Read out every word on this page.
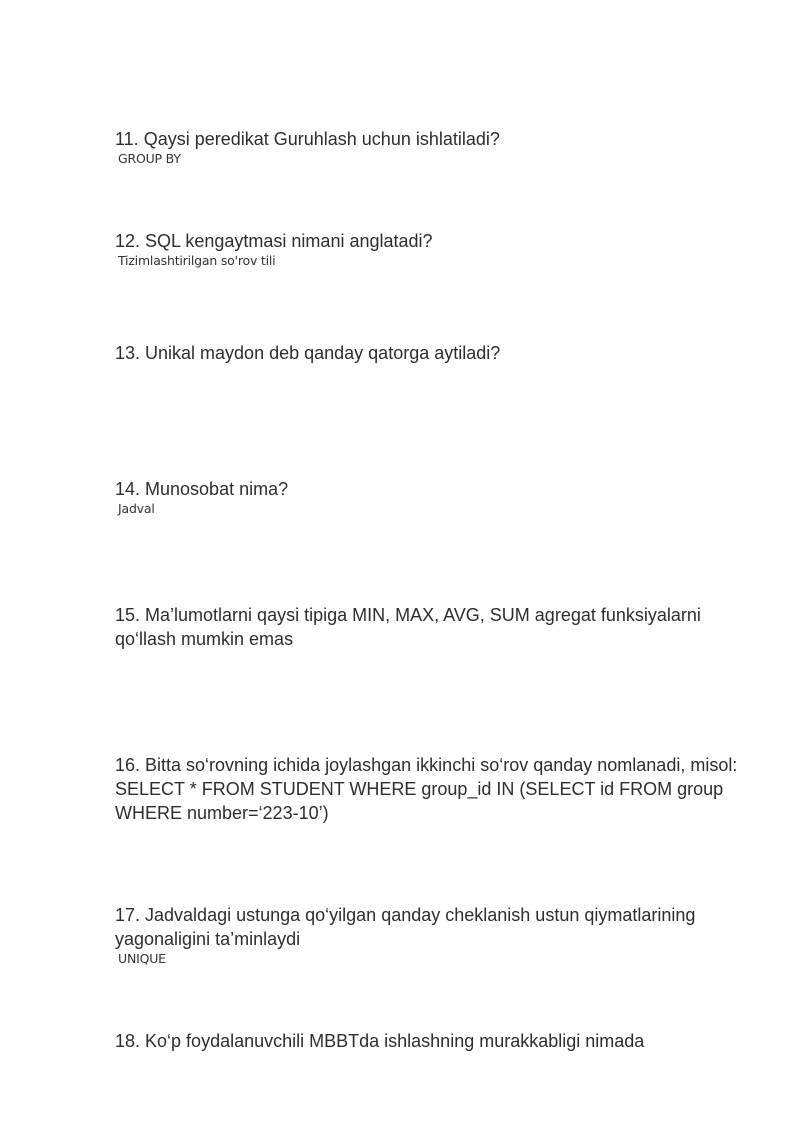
11. Qaysi peredikat Guruhlash uchun ishlatiladi?

GROUP BY

12. SQL kengaytmasi nimani anglatadi?

Tizimlashtirilgan so'rov tili

13. Unikal maydon deb qanday qatorga aytiladi?

14. Munosobat nima?

Jadval

15. Ma’lumotlarni qaysi tipiga MIN, MAX, AVG, SUM agregat funksiyalarni qo‘llash mumkin emas

16. Bitta so‘rovning ichida joylashgan ikkinchi so‘rov qanday nomlanadi, misol: SELECT * FROM STUDENT WHERE group_id IN (SELECT id FROM group WHERE number=‘223-10’)

17. Jadvaldagi ustunga qo‘yilgan qanday cheklanish ustun qiymatlarining yagonaligini ta’minlaydi

UNIQUE

18. Ko‘p foydalanuvchili MBBTda ishlashning murakkabligi nimada
